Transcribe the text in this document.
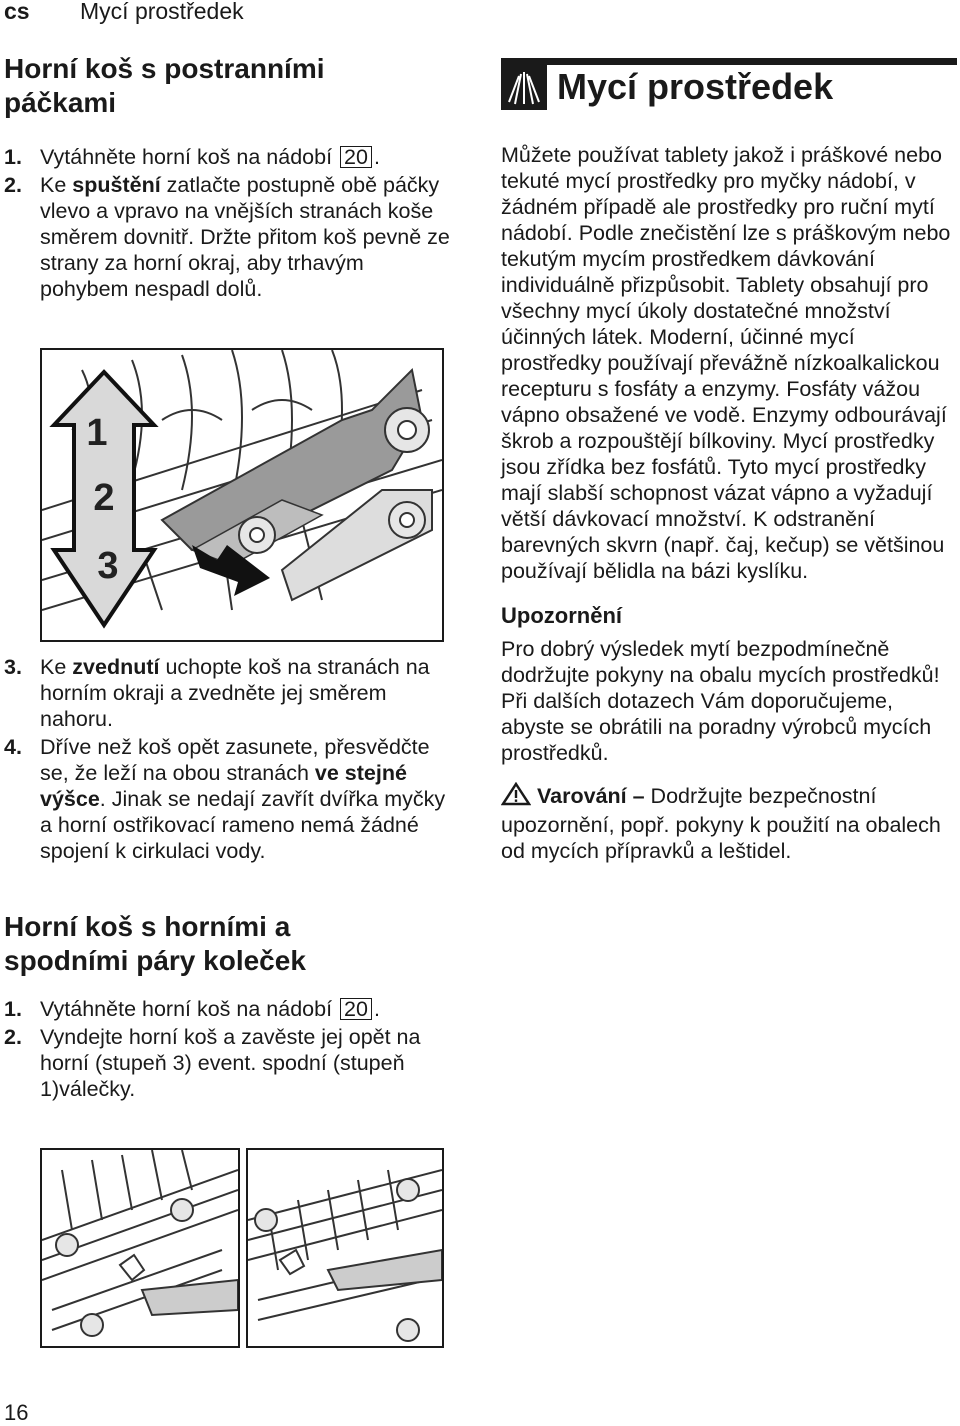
cs Mycí prostředek
Horní koš s postranními páčkami
1. Vytáhněte horní koš na nádobí 20 .
2. Ke spuštění zatlačte postupně obě páčky vlevo a vpravo na vnějších stranách koše směrem dovnitř. Držte přitom koš pevně ze strany za horní okraj, aby trhavým pohybem nespadl dolů.
1
2
3
3. Ke zvednutí uchopte koš na stranách na horním okraji a zvedněte jej směrem nahoru.
4. Dříve než koš opět zasunete, přesvědčte se, že leží na obou stranách ve stejné výšce. Jinak se nedají zavřít dvířka myčky a horní ostřikovací rameno nemá žádné spojení k cirkulaci vody.
Horní koš s horními a spodními páry koleček
1. Vytáhněte horní koš na nádobí 20 .
2. Vyndejte horní koš a zavěste jej opět na horní (stupeň 3) event. spodní (stupeň 1)válečky.
Mycí prostředek

Můžete používat tablety jakož i práškové nebo tekuté mycí prostředky pro myčky nádobí, v žádném případě ale prostředky pro ruční mytí nádobí. Podle znečistění lze s práškovým nebo tekutým mycím prostředkem dávkování individuálně přizpůsobit. Tablety obsahují pro všechny mycí úkoly dostatečné množství účinných látek. Moderní, účinné mycí prostředky používají převážně nízkoalkalickou recepturu s fosfáty a enzymy. Fosfáty vážou vápno obsažené ve vodě. Enzymy odbourávají škrob a rozpouštějí bílkoviny. Mycí prostředky jsou zřídka bez fosfátů. Tyto mycí prostředky mají slabší schopnost vázat vápno a vyžadují větší dávkovací množství. K odstranění barevných skvrn (např. čaj, kečup) se většinou používají bělidla na bázi kyslíku.

Upozornění

Pro dobrý výsledek mytí bezpodmínečně dodržujte pokyny na obalu mycích prostředků!

Při dalších dotazech Vám doporučujeme, abyste se obrátili na poradny výrobců mycích prostředků.

Varování – Dodržujte bezpečnostní upozornění, popř. pokyny k použití na obalech od mycích přípravků a leštidel.

16
